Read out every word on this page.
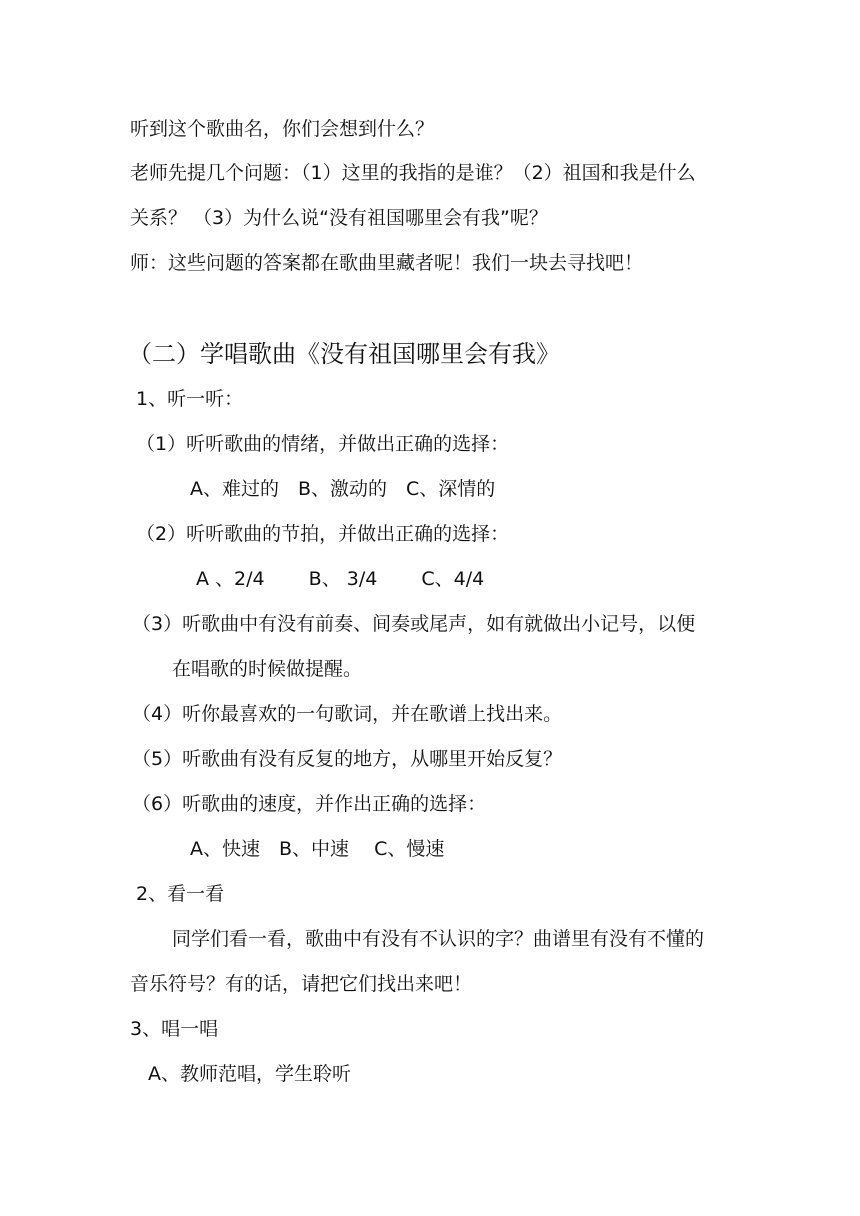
听到这个歌曲名，你们会想到什么？
老师先提几个问题：（1）这里的我指的是谁？（2）祖国和我是什么
关系？ （3）为什么说“没有祖国哪里会有我”呢？
师：这些问题的答案都在歌曲里藏者呢！我们一块去寻找吧！
（二）学唱歌曲《没有祖国哪里会有我》
1、听一听：
（1）听听歌曲的情绪，并做出正确的选择：
A、难过的　B、激动的　C、深情的
（2）听听歌曲的节拍，并做出正确的选择：
A 、2/4　　 B、 3/4　　 C、4/4
（3）听歌曲中有没有前奏、间奏或尾声，如有就做出小记号，以便
在唱歌的时候做提醒。
（4）听你最喜欢的一句歌词，并在歌谱上找出来。
（5）听歌曲有没有反复的地方，从哪里开始反复？
（6）听歌曲的速度，并作出正确的选择：
A、快速　B、中速　 C、慢速
2、看一看
同学们看一看，歌曲中有没有不认识的字？曲谱里有没有不懂的
音乐符号？有的话，请把它们找出来吧！
3、唱一唱
A、教师范唱，学生聆听
